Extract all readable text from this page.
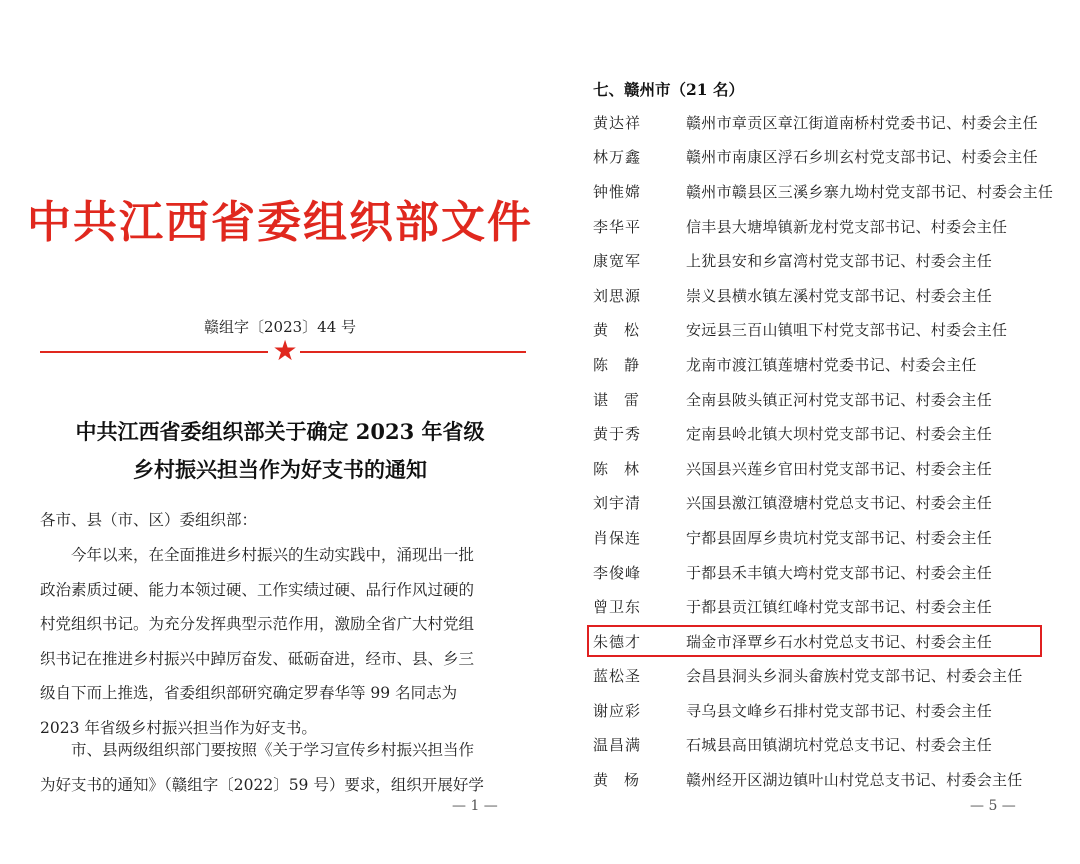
中共江西省委组织部文件
赣组字〔2023〕44 号
★
中共江西省委组织部关于确定 2023 年省级
乡村振兴担当作为好支书的通知
各市、县（市、区）委组织部：
今年以来，在全面推进乡村振兴的生动实践中，涌现出一批
政治素质过硬、能力本领过硬、工作实绩过硬、品行作风过硬的
村党组织书记。为充分发挥典型示范作用，激励全省广大村党组
织书记在推进乡村振兴中踔厉奋发、砥砺奋进，经市、县、乡三
级自下而上推选，省委组织部研究确定罗春华等 99 名同志为
2023 年省级乡村振兴担当作为好支书。
市、县两级组织部门要按照《关于学习宣传乡村振兴担当作
为好支书的通知》（赣组字〔2022〕59 号）要求，组织开展好学
— 1 —
七、赣州市（21 名）
黄达祥	赣州市章贡区章江街道南桥村党委书记、村委会主任
林万鑫	赣州市南康区浮石乡圳玄村党支部书记、村委会主任
钟惟嫦	赣州市赣县区三溪乡寨九坳村党支部书记、村委会主任
李华平	信丰县大塘埠镇新龙村党支部书记、村委会主任
康宽军	上犹县安和乡富湾村党支部书记、村委会主任
刘思源	崇义县横水镇左溪村党支部书记、村委会主任
黄松	安远县三百山镇咀下村党支部书记、村委会主任
陈静	龙南市渡江镇莲塘村党委书记、村委会主任
谌雷	全南县陂头镇正河村党支部书记、村委会主任
黄于秀	定南县岭北镇大坝村党支部书记、村委会主任
陈林	兴国县兴莲乡官田村党支部书记、村委会主任
刘宇清	兴国县激江镇澄塘村党总支书记、村委会主任
肖保连	宁都县固厚乡贵坑村党支部书记、村委会主任
李俊峰	于都县禾丰镇大塆村党支部书记、村委会主任
曾卫东	于都县贡江镇红峰村党支部书记、村委会主任
朱德才	瑞金市泽覃乡石水村党总支书记、村委会主任
蓝松圣	会昌县洞头乡洞头畲族村党支部书记、村委会主任
谢应彩	寻乌县文峰乡石排村党支部书记、村委会主任
温昌满	石城县高田镇湖坑村党总支书记、村委会主任
黄杨	赣州经开区湖边镇叶山村党总支书记、村委会主任
— 5 —
